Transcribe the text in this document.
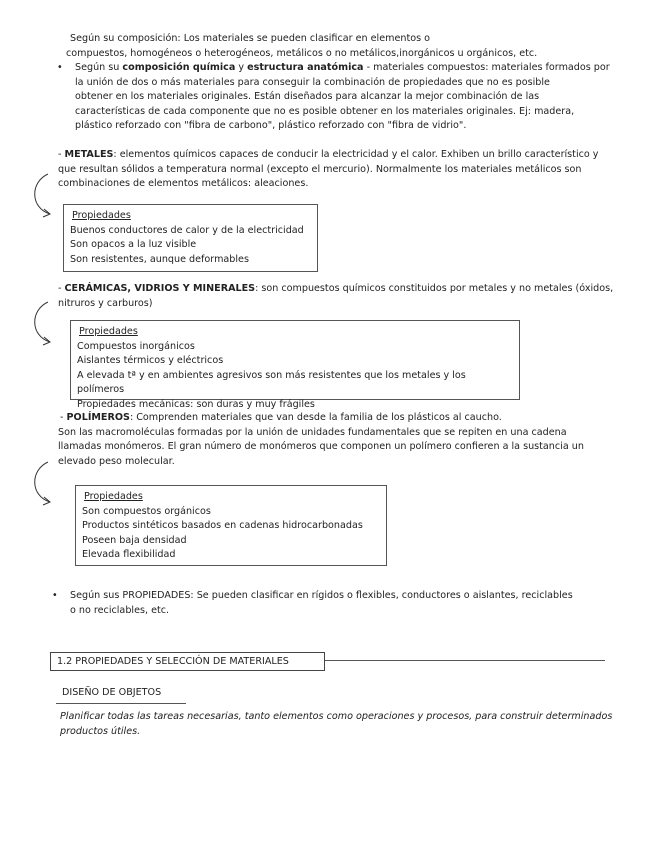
Según su composición: Los materiales se pueden clasificar en elementos o

compuestos, homogéneos o heterogéneos, metálicos o no metálicos,inorgánicos u orgánicos, etc.

• Según su composición química y estructura anatómica - materiales compuestos: materiales formados por

la unión de dos o más materiales para conseguir la combinación de propiedades que no es posible

obtener en los materiales originales. Están diseñados para alcanzar la mejor combinación de las

características de cada componente que no es posible obtener en los materiales originales. Ej: madera,

plástico reforzado con "fibra de carbono", plástico reforzado con "fibra de vidrio".

- METALES: elementos químicos capaces de conducir la electricidad y el calor. Exhiben un brillo característico y

que resultan sólidos a temperatura normal (excepto el mercurio). Normalmente los materiales metálicos son

combinaciones de elementos metálicos: aleaciones.

Propiedades
Buenos conductores de calor y de la electricidad
Son opacos a la luz visible
Son resistentes, aunque deformables

- CERÁMICAS, VIDRIOS Y MINERALES: son compuestos químicos constituidos por metales y no metales (óxidos,

nitruros y carburos)

Propiedades
Compuestos inorgánicos
Aislantes térmicos y eléctricos
A elevada tª y en ambientes agresivos son más resistentes que los metales y los polímeros
Propiedades mecánicas: son duras y muy frágiles

- POLÍMEROS: Comprenden materiales que van desde la familia de los plásticos al caucho.

Son las macromoléculas formadas por la unión de unidades fundamentales que se repiten en una cadena

llamadas monómeros. El gran número de monómeros que componen un polímero confieren a la sustancia un

elevado peso molecular.

Propiedades
Son compuestos orgánicos
Productos sintéticos basados en cadenas hidrocarbonadas
Poseen baja densidad
Elevada flexibilidad

• Según sus PROPIEDADES: Se pueden clasificar en rígidos o flexibles, conductores o aislantes, reciclables

o no reciclables, etc.

1.2 PROPIEDADES Y SELECCIÓN DE MATERIALES
DISEÑO DE OBJETOS

Planificar todas las tareas necesarias, tanto elementos como operaciones y procesos, para construir determinados

productos útiles.
